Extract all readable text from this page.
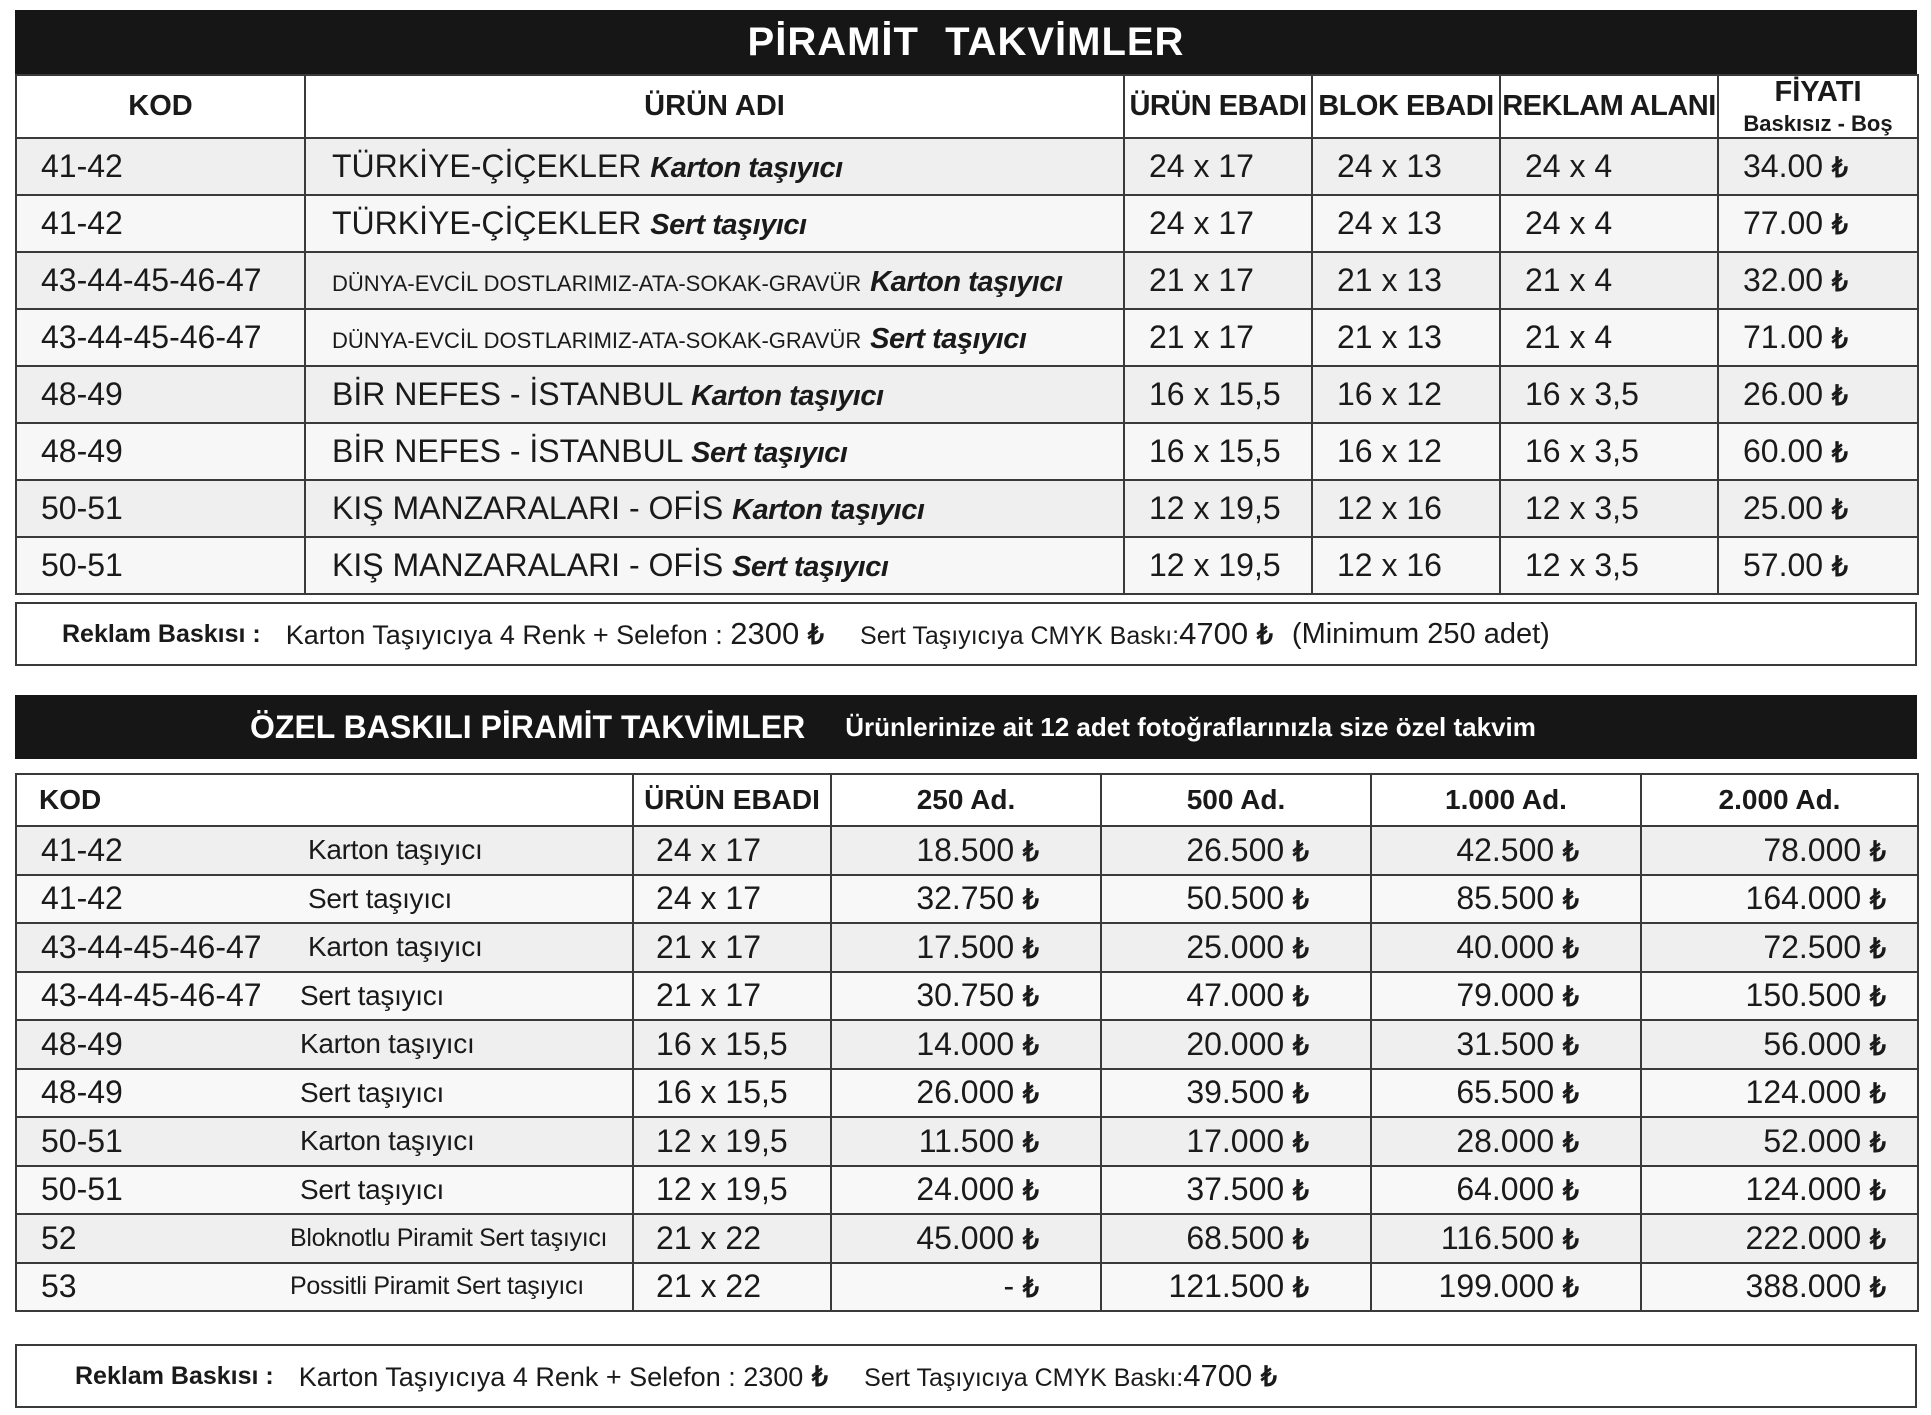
PİRAMİT TAKVİMLER
KOD	ÜRÜN ADI	ÜRÜN EBADI	BLOK EBADI	REKLAM ALANI	FİYATI
Baskısız - Boş

41-42	TÜRKİYE-ÇİÇEKLER Karton taşıyıcı	24 x 17	24 x 13	24 x 4	34.00 ₺
41-42	TÜRKİYE-ÇİÇEKLER Sert taşıyıcı	24 x 17	24 x 13	24 x 4	77.00 ₺
43-44-45-46-47	DÜNYA-EVCİL DOSTLARIMIZ-ATA-SOKAK-GRAVÜR Karton taşıyıcı	21 x 17	21 x 13	21 x 4	32.00 ₺
43-44-45-46-47	DÜNYA-EVCİL DOSTLARIMIZ-ATA-SOKAK-GRAVÜR Sert taşıyıcı	21 x 17	21 x 13	21 x 4	71.00 ₺
48-49	BİR NEFES - İSTANBUL Karton taşıyıcı	16 x 15,5	16 x 12	16 x 3,5	26.00 ₺
48-49	BİR NEFES - İSTANBUL Sert taşıyıcı	16 x 15,5	16 x 12	16 x 3,5	60.00 ₺
50-51	KIŞ MANZARALARI - OFİS Karton taşıyıcı	12 x 19,5	12 x 16	12 x 3,5	25.00 ₺
50-51	KIŞ MANZARALARI - OFİS Sert taşıyıcı	12 x 19,5	12 x 16	12 x 3,5	57.00 ₺
Reklam Baskısı : Karton Taşıyıcıya 4 Renk + Selefon : 2300 ₺ Sert Taşıyıcıya CMYK Baskı:4700 ₺ (Minimum 250 adet)
ÖZEL BASKILI PİRAMİT TAKVİMLER Ürünlerinize ait 12 adet fotoğraflarınızla size özel takvim
KOD		ÜRÜN EBADI	250 Ad.	500 Ad.	1.000 Ad.	2.000 Ad.
41-42	Karton taşıyıcı	24 x 17	18.500 ₺	26.500 ₺	42.500 ₺	78.000 ₺
41-42	Sert taşıyıcı	24 x 17	32.750 ₺	50.500 ₺	85.500 ₺	164.000 ₺
43-44-45-46-47	Karton taşıyıcı	21 x 17	17.500 ₺	25.000 ₺	40.000 ₺	72.500 ₺
43-44-45-46-47	Sert taşıyıcı	21 x 17	30.750 ₺	47.000 ₺	79.000 ₺	150.500 ₺
48-49	Karton taşıyıcı	16 x 15,5	14.000 ₺	20.000 ₺	31.500 ₺	56.000 ₺
48-49	Sert taşıyıcı	16 x 15,5	26.000 ₺	39.500 ₺	65.500 ₺	124.000 ₺
50-51	Karton taşıyıcı	12 x 19,5	11.500 ₺	17.000 ₺	28.000 ₺	52.000 ₺
50-51	Sert taşıyıcı	12 x 19,5	24.000 ₺	37.500 ₺	64.000 ₺	124.000 ₺
52	Bloknotlu Piramit Sert taşıyıcı	21 x 22	45.000 ₺	68.500 ₺	116.500 ₺	222.000 ₺
53	Possitli Piramit Sert taşıyıcı	21 x 22	- ₺	121.500 ₺	199.000 ₺	388.000 ₺
Reklam Baskısı : Karton Taşıyıcıya 4 Renk + Selefon : 2300 ₺ Sert Taşıyıcıya CMYK Baskı:4700 ₺
